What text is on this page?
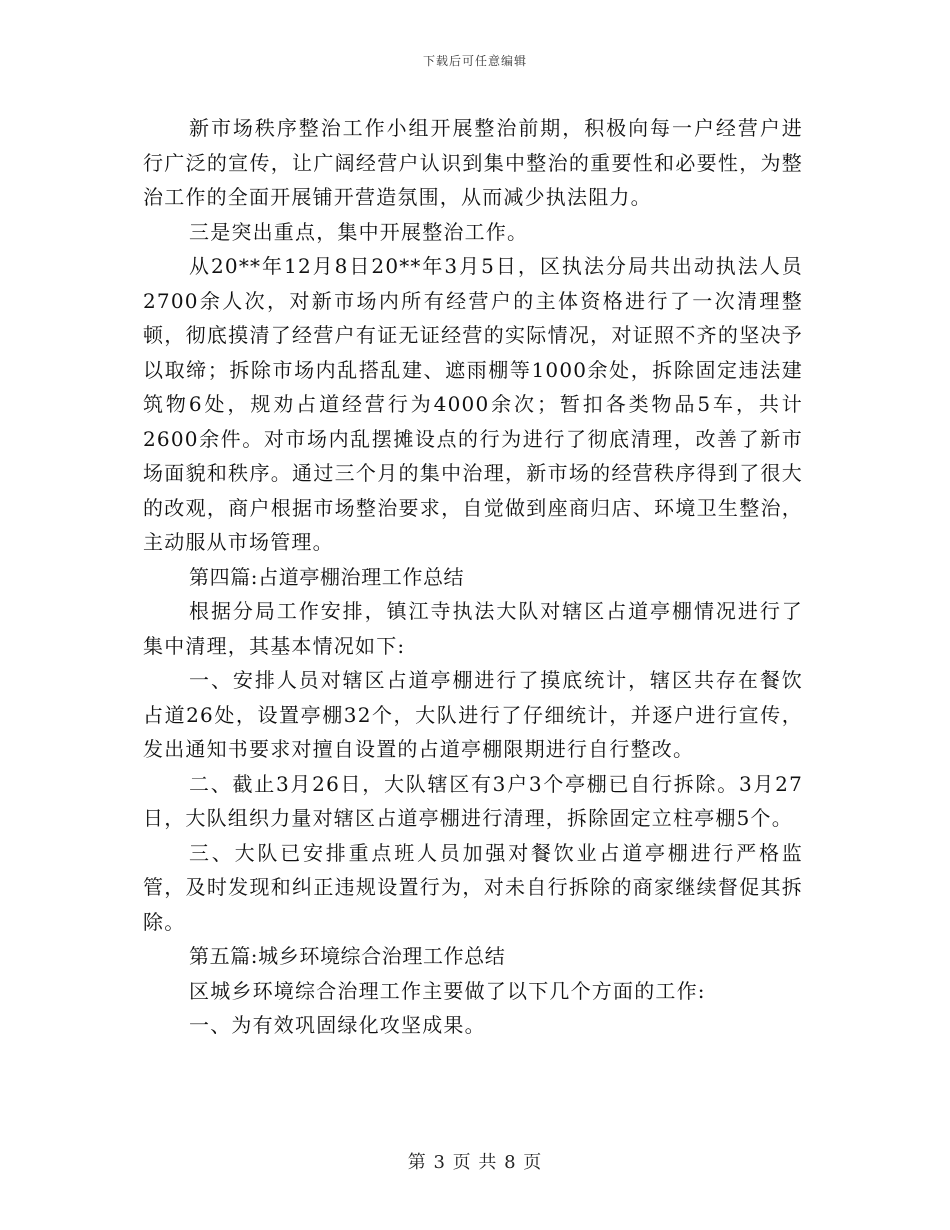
下载后可任意编辑

新市场秩序整治工作小组开展整治前期，积极向每一户经营户进行广泛的宣传，让广阔经营户认识到集中整治的重要性和必要性，为整治工作的全面开展铺开营造氛围，从而减少执法阻力。

三是突出重点，集中开展整治工作。

从20**年12月8日20**年3月5日，区执法分局共出动执法人员2700余人次，对新市场内所有经营户的主体资格进行了一次清理整顿，彻底摸清了经营户有证无证经营的实际情况，对证照不齐的坚决予以取缔；拆除市场内乱搭乱建、遮雨棚等1000余处，拆除固定违法建筑物6处，规劝占道经营行为4000余次；暂扣各类物品5车，共计2600余件。对市场内乱摆摊设点的行为进行了彻底清理，改善了新市场面貌和秩序。通过三个月的集中治理，新市场的经营秩序得到了很大的改观，商户根据市场整治要求，自觉做到座商归店、环境卫生整治，主动服从市场管理。

第四篇:占道亭棚治理工作总结

根据分局工作安排，镇江寺执法大队对辖区占道亭棚情况进行了集中清理，其基本情况如下:

一、安排人员对辖区占道亭棚进行了摸底统计，辖区共存在餐饮占道26处，设置亭棚32个，大队进行了仔细统计，并逐户进行宣传，发出通知书要求对擅自设置的占道亭棚限期进行自行整改。

二、截止3月26日，大队辖区有3户3个亭棚已自行拆除。3月27日，大队组织力量对辖区占道亭棚进行清理，拆除固定立柱亭棚5个。

三、大队已安排重点班人员加强对餐饮业占道亭棚进行严格监管，及时发现和纠正违规设置行为，对未自行拆除的商家继续督促其拆除。

第五篇:城乡环境综合治理工作总结

区城乡环境综合治理工作主要做了以下几个方面的工作:

一、为有效巩固绿化攻坚成果。

第 3 页 共 8 页
